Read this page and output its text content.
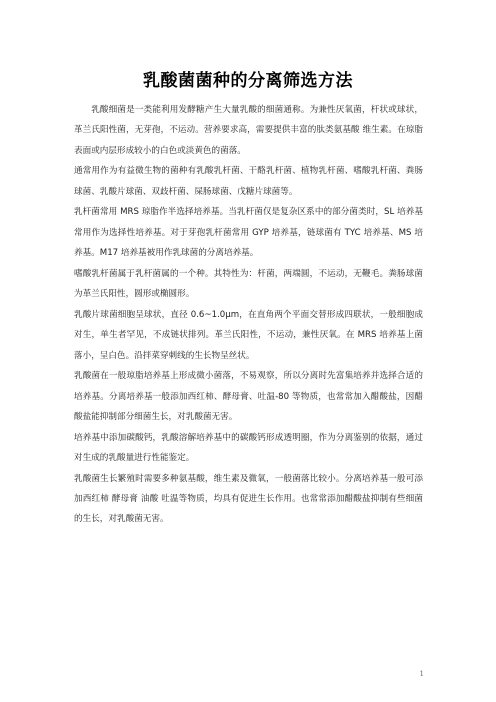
乳酸菌菌种的分离筛选方法

乳酸细菌是一类能利用发酵糖产生大量乳酸的细菌通称。为兼性厌氧菌，杆状或球状，革兰氏阳性菌，无芽孢，不运动。营养要求高，需要提供丰富的肽类氨基酸 维生素。在琼脂表面或内层形成较小的白色或淡黄色的菌落。

通常用作为有益微生物的菌种有乳酸乳杆菌、干酪乳杆菌、植物乳杆菌、嗜酸乳杆菌、粪肠球菌、乳酸片球菌、双歧杆菌、屎肠球菌、戊糖片球菌等。

乳杆菌常用 MRS 琼脂作半选择培养基。当乳杆菌仅是复杂区系中的部分菌类时，SL 培养基常用作为选择性培养基。对于芽孢乳杆菌常用 GYP 培养基，链球菌有 TYC 培养基、MS 培养基。M17 培养基被用作乳球菌的分离培养基。

嗜酸乳杆菌属于乳杆菌属的一个种。其特性为：杆菌，两端圆，不运动，无鞭毛。粪肠球菌为革兰氏阳性，圆形或椭圆形。

乳酸片球菌细胞呈球状，直径 0.6~1.0μm，在直角两个平面交替形成四联状，一般细胞成对生，单生者罕见，不成链状排列。革兰氏阳性，不运动，兼性厌氧。在 MRS 培养基上菌落小，呈白色。沿拌菜穿刺线的生长物呈丝状。

乳酸菌在一般琼脂培养基上形成微小菌落，不易观察，所以分离时先富集培养并选择合适的培养基。分离培养基一般添加西红柿、酵母膏、吐温-80 等物质，也常常加入醋酸盐，因醋酸盐能抑制部分细菌生长，对乳酸菌无害。

培养基中添加碳酸钙，乳酸溶解培养基中的碳酸钙形成透明圈，作为分离鉴别的依据，通过对生成的乳酸量进行性能鉴定。

乳酸菌生长繁殖时需要多种氨基酸，维生素及微氧，一般菌落比较小。分离培养基一般可添加西红柿 酵母膏 油酸 吐温等物质，均具有促进生长作用。也常常添加醋酸盐抑制有些细菌的生长，对乳酸菌无害。

1
